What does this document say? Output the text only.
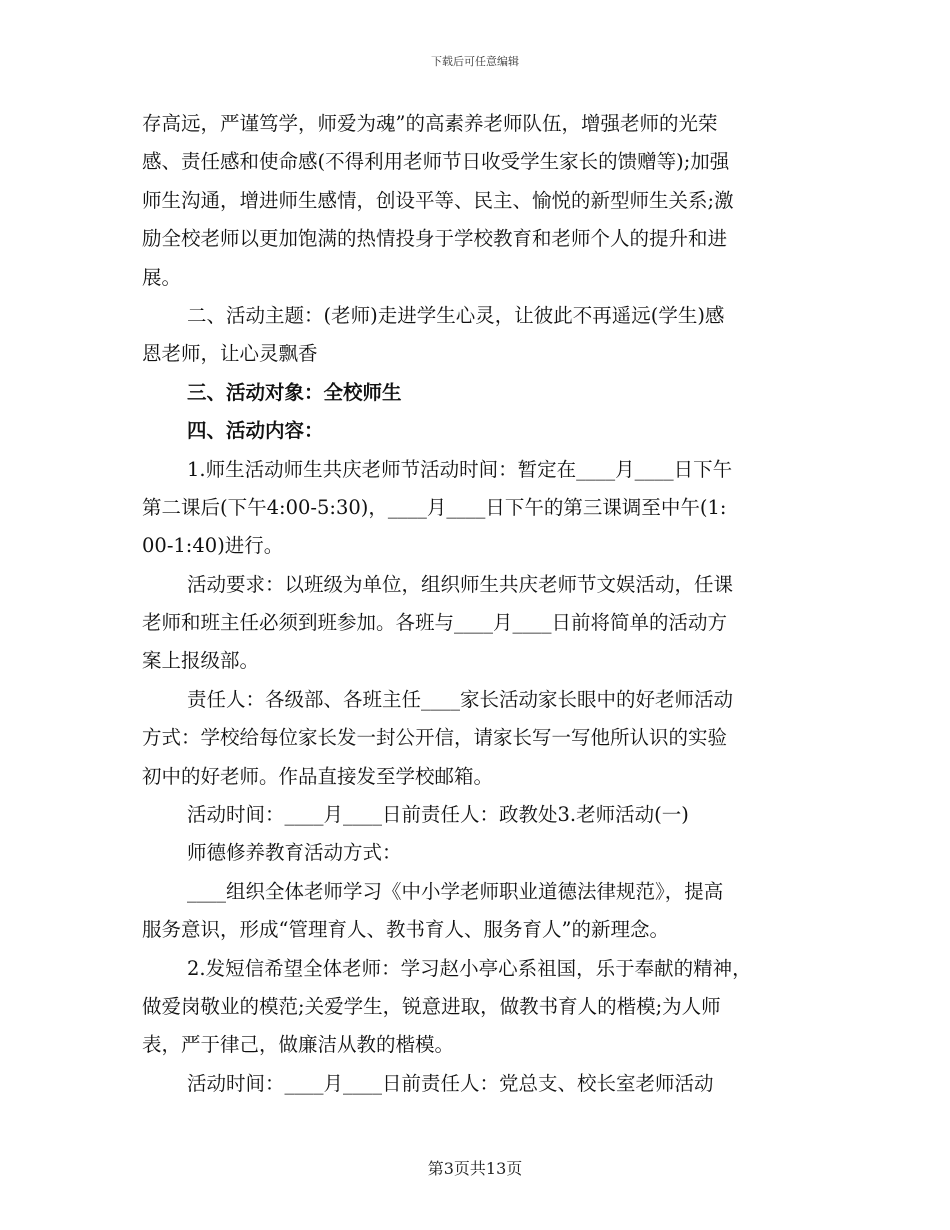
下载后可任意编辑
存高远，严谨笃学，师爱为魂”的高素养老师队伍，增强老师的光荣
感、责任感和使命感(不得利用老师节日收受学生家长的馈赠等);加强
师生沟通，增进师生感情，创设平等、民主、愉悦的新型师生关系;激
励全校老师以更加饱满的热情投身于学校教育和老师个人的提升和进
展。
二、活动主题：(老师)走进学生心灵，让彼此不再遥远(学生)感
恩老师，让心灵飘香
三、活动对象：全校师生
四、活动内容：
1.师生活动师生共庆老师节活动时间：暂定在____月____日下午
第二课后(下午4:00-5:30)，____月____日下午的第三课调至中午(1:
00-1:40)进行。
活动要求：以班级为单位，组织师生共庆老师节文娱活动，任课
老师和班主任必须到班参加。各班与____月____日前将简单的活动方
案上报级部。
责任人：各级部、各班主任____家长活动家长眼中的好老师活动
方式：学校给每位家长发一封公开信，请家长写一写他所认识的实验
初中的好老师。作品直接发至学校邮箱。
活动时间：____月____日前责任人：政教处3.老师活动(一)
师德修养教育活动方式：
____组织全体老师学习《中小学老师职业道德法律规范》，提高
服务意识，形成“管理育人、教书育人、服务育人”的新理念。
2.发短信希望全体老师：学习赵小亭心系祖国，乐于奉献的精神，
做爱岗敬业的模范;关爱学生，锐意进取，做教书育人的楷模;为人师
表，严于律己，做廉洁从教的楷模。
活动时间：____月____日前责任人：党总支、校长室老师活动
第3页共13页
